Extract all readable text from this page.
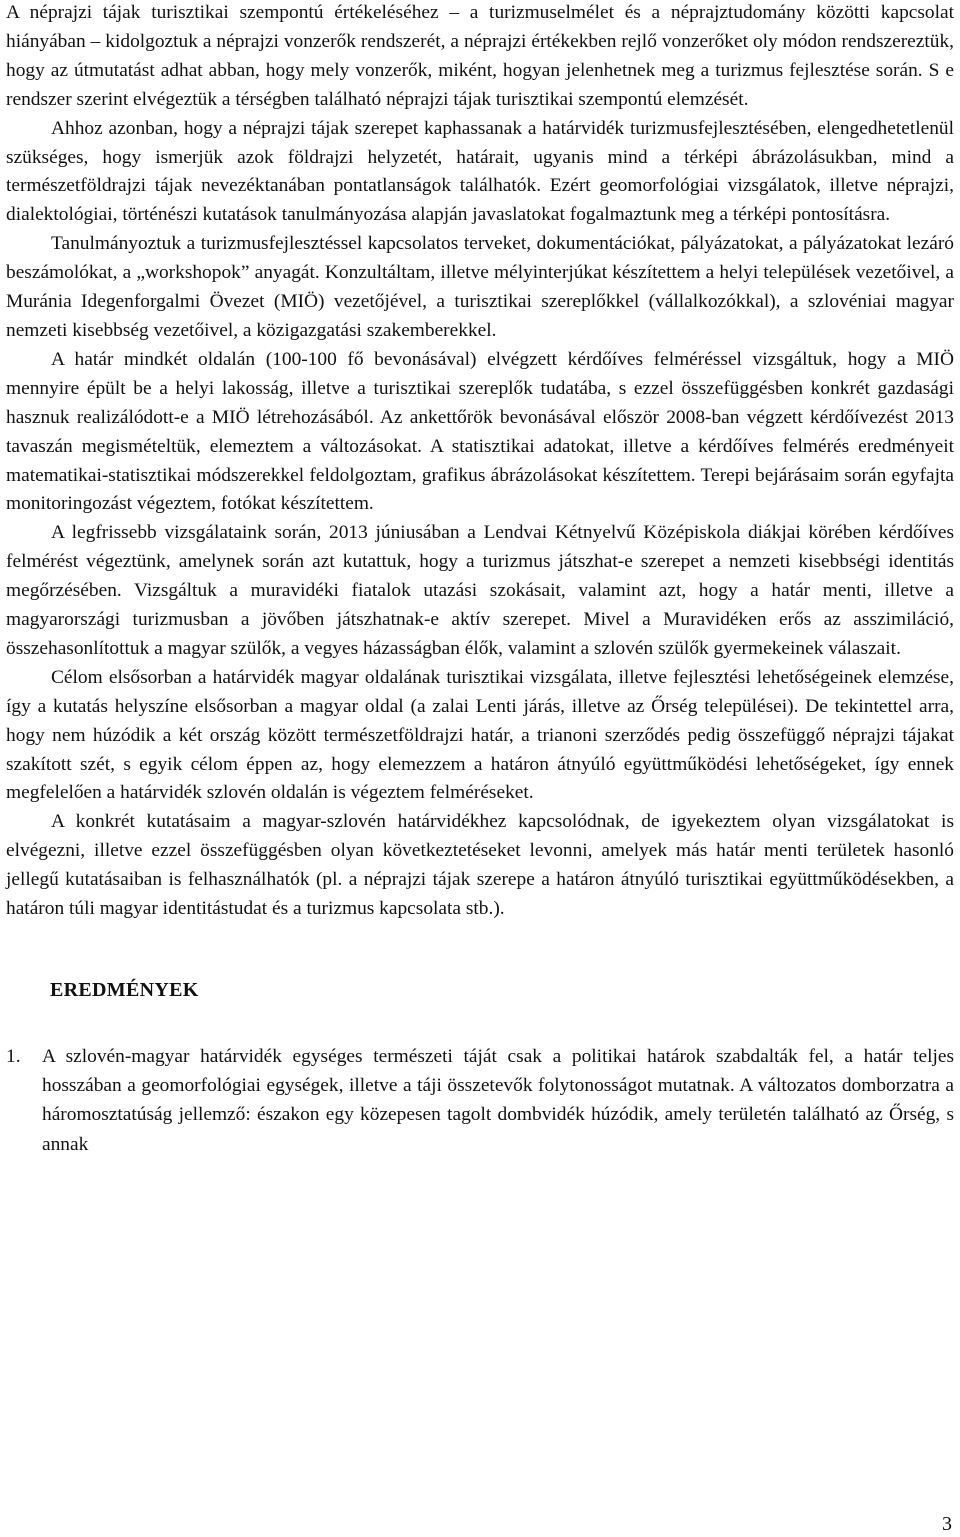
A néprajzi tájak turisztikai szempontú értékeléséhez – a turizmuselmélet és a néprajztudomány közötti kapcsolat hiányában – kidolgoztuk a néprajzi vonzerők rendszerét, a néprajzi értékekben rejlő vonzerőket oly módon rendszereztük, hogy az útmutatást adhat abban, hogy mely vonzerők, miként, hogyan jelenhetnek meg a turizmus fejlesztése során. S e rendszer szerint elvégeztük a térségben található néprajzi tájak turisztikai szempontú elemzését.

Ahhoz azonban, hogy a néprajzi tájak szerepet kaphassanak a határvidék turizmusfejlesztésében, elengedhetetlenül szükséges, hogy ismerjük azok földrajzi helyzetét, határait, ugyanis mind a térképi ábrázolásukban, mind a természetföldrajzi tájak nevezéktanában pontatlanságok találhatók. Ezért geomorfológiai vizsgálatok, illetve néprajzi, dialektológiai, történészi kutatások tanulmányozása alapján javaslatokat fogalmaztunk meg a térképi pontosításra.

Tanulmányoztuk a turizmusfejlesztéssel kapcsolatos terveket, dokumentációkat, pályázatokat, a pályázatokat lezáró beszámolókat, a „workshopok” anyagát. Konzultáltam, illetve mélyinterjúkat készítettem a helyi települések vezetőivel, a Muránia Idegenforgalmi Övezet (MIÖ) vezetőjével, a turisztikai szereplőkkel (vállalkozókkal), a szlovéniai magyar nemzeti kisebbség vezetőivel, a közigazgatási szakemberekkel.

A határ mindkét oldalán (100-100 fő bevonásával) elvégzett kérdőíves felméréssel vizsgáltuk, hogy a MIÖ mennyire épült be a helyi lakosság, illetve a turisztikai szereplők tudatába, s ezzel összefüggésben konkrét gazdasági hasznuk realizálódott-e a MIÖ létrehozásából. Az ankettőrök bevonásával először 2008-ban végzett kérdőívezést 2013 tavaszán megismételtük, elemeztem a változásokat. A statisztikai adatokat, illetve a kérdőíves felmérés eredményeit matematikai-statisztikai módszerekkel feldolgoztam, grafikus ábrázolásokat készítettem. Terepi bejárásaim során egyfajta monitoringozást végeztem, fotókat készítettem.

A legfrissebb vizsgálataink során, 2013 júniusában a Lendvai Kétnyelvű Középiskola diákjai körében kérdőíves felmérést végeztünk, amelynek során azt kutattuk, hogy a turizmus játszhat-e szerepet a nemzeti kisebbségi identitás megőrzésében. Vizsgáltuk a muravidéki fiatalok utazási szokásait, valamint azt, hogy a határ menti, illetve a magyarországi turizmusban a jövőben játszhatnak-e aktív szerepet. Mivel a Muravidéken erős az asszimiláció, összehasonlítottuk a magyar szülők, a vegyes házasságban élők, valamint a szlovén szülők gyermekeinek válaszait.

Célom elsősorban a határvidék magyar oldalának turisztikai vizsgálata, illetve fejlesztési lehetőségeinek elemzése, így a kutatás helyszíne elsősorban a magyar oldal (a zalai Lenti járás, illetve az Őrség települései). De tekintettel arra, hogy nem húzódik a két ország között természetföldrajzi határ, a trianoni szerződés pedig összefüggő néprajzi tájakat szakított szét, s egyik célom éppen az, hogy elemezzem a határon átnyúló együttműködési lehetőségeket, így ennek megfelelően a határvidék szlovén oldalán is végeztem felméréseket.

A konkrét kutatásaim a magyar-szlovén határvidékhez kapcsolódnak, de igyekeztem olyan vizsgálatokat is elvégezni, illetve ezzel összefüggésben olyan következtetéseket levonni, amelyek más határ menti területek hasonló jellegű kutatásaiban is felhasználhatók (pl. a néprajzi tájak szerepe a határon átnyúló turisztikai együttműködésekben, a határon túli magyar identitástudat és a turizmus kapcsolata stb.).

EREDMÉNYEK
1. A szlovén-magyar határvidék egységes természeti táját csak a politikai határok szabdalták fel, a határ teljes hosszában a geomorfológiai egységek, illetve a táji összetevők folytonosságot mutatnak. A változatos domborzatra a háromosztatúság jellemző: északon egy közepesen tagolt dombvidék húzódik, amely területén található az Őrség, s annak
3
